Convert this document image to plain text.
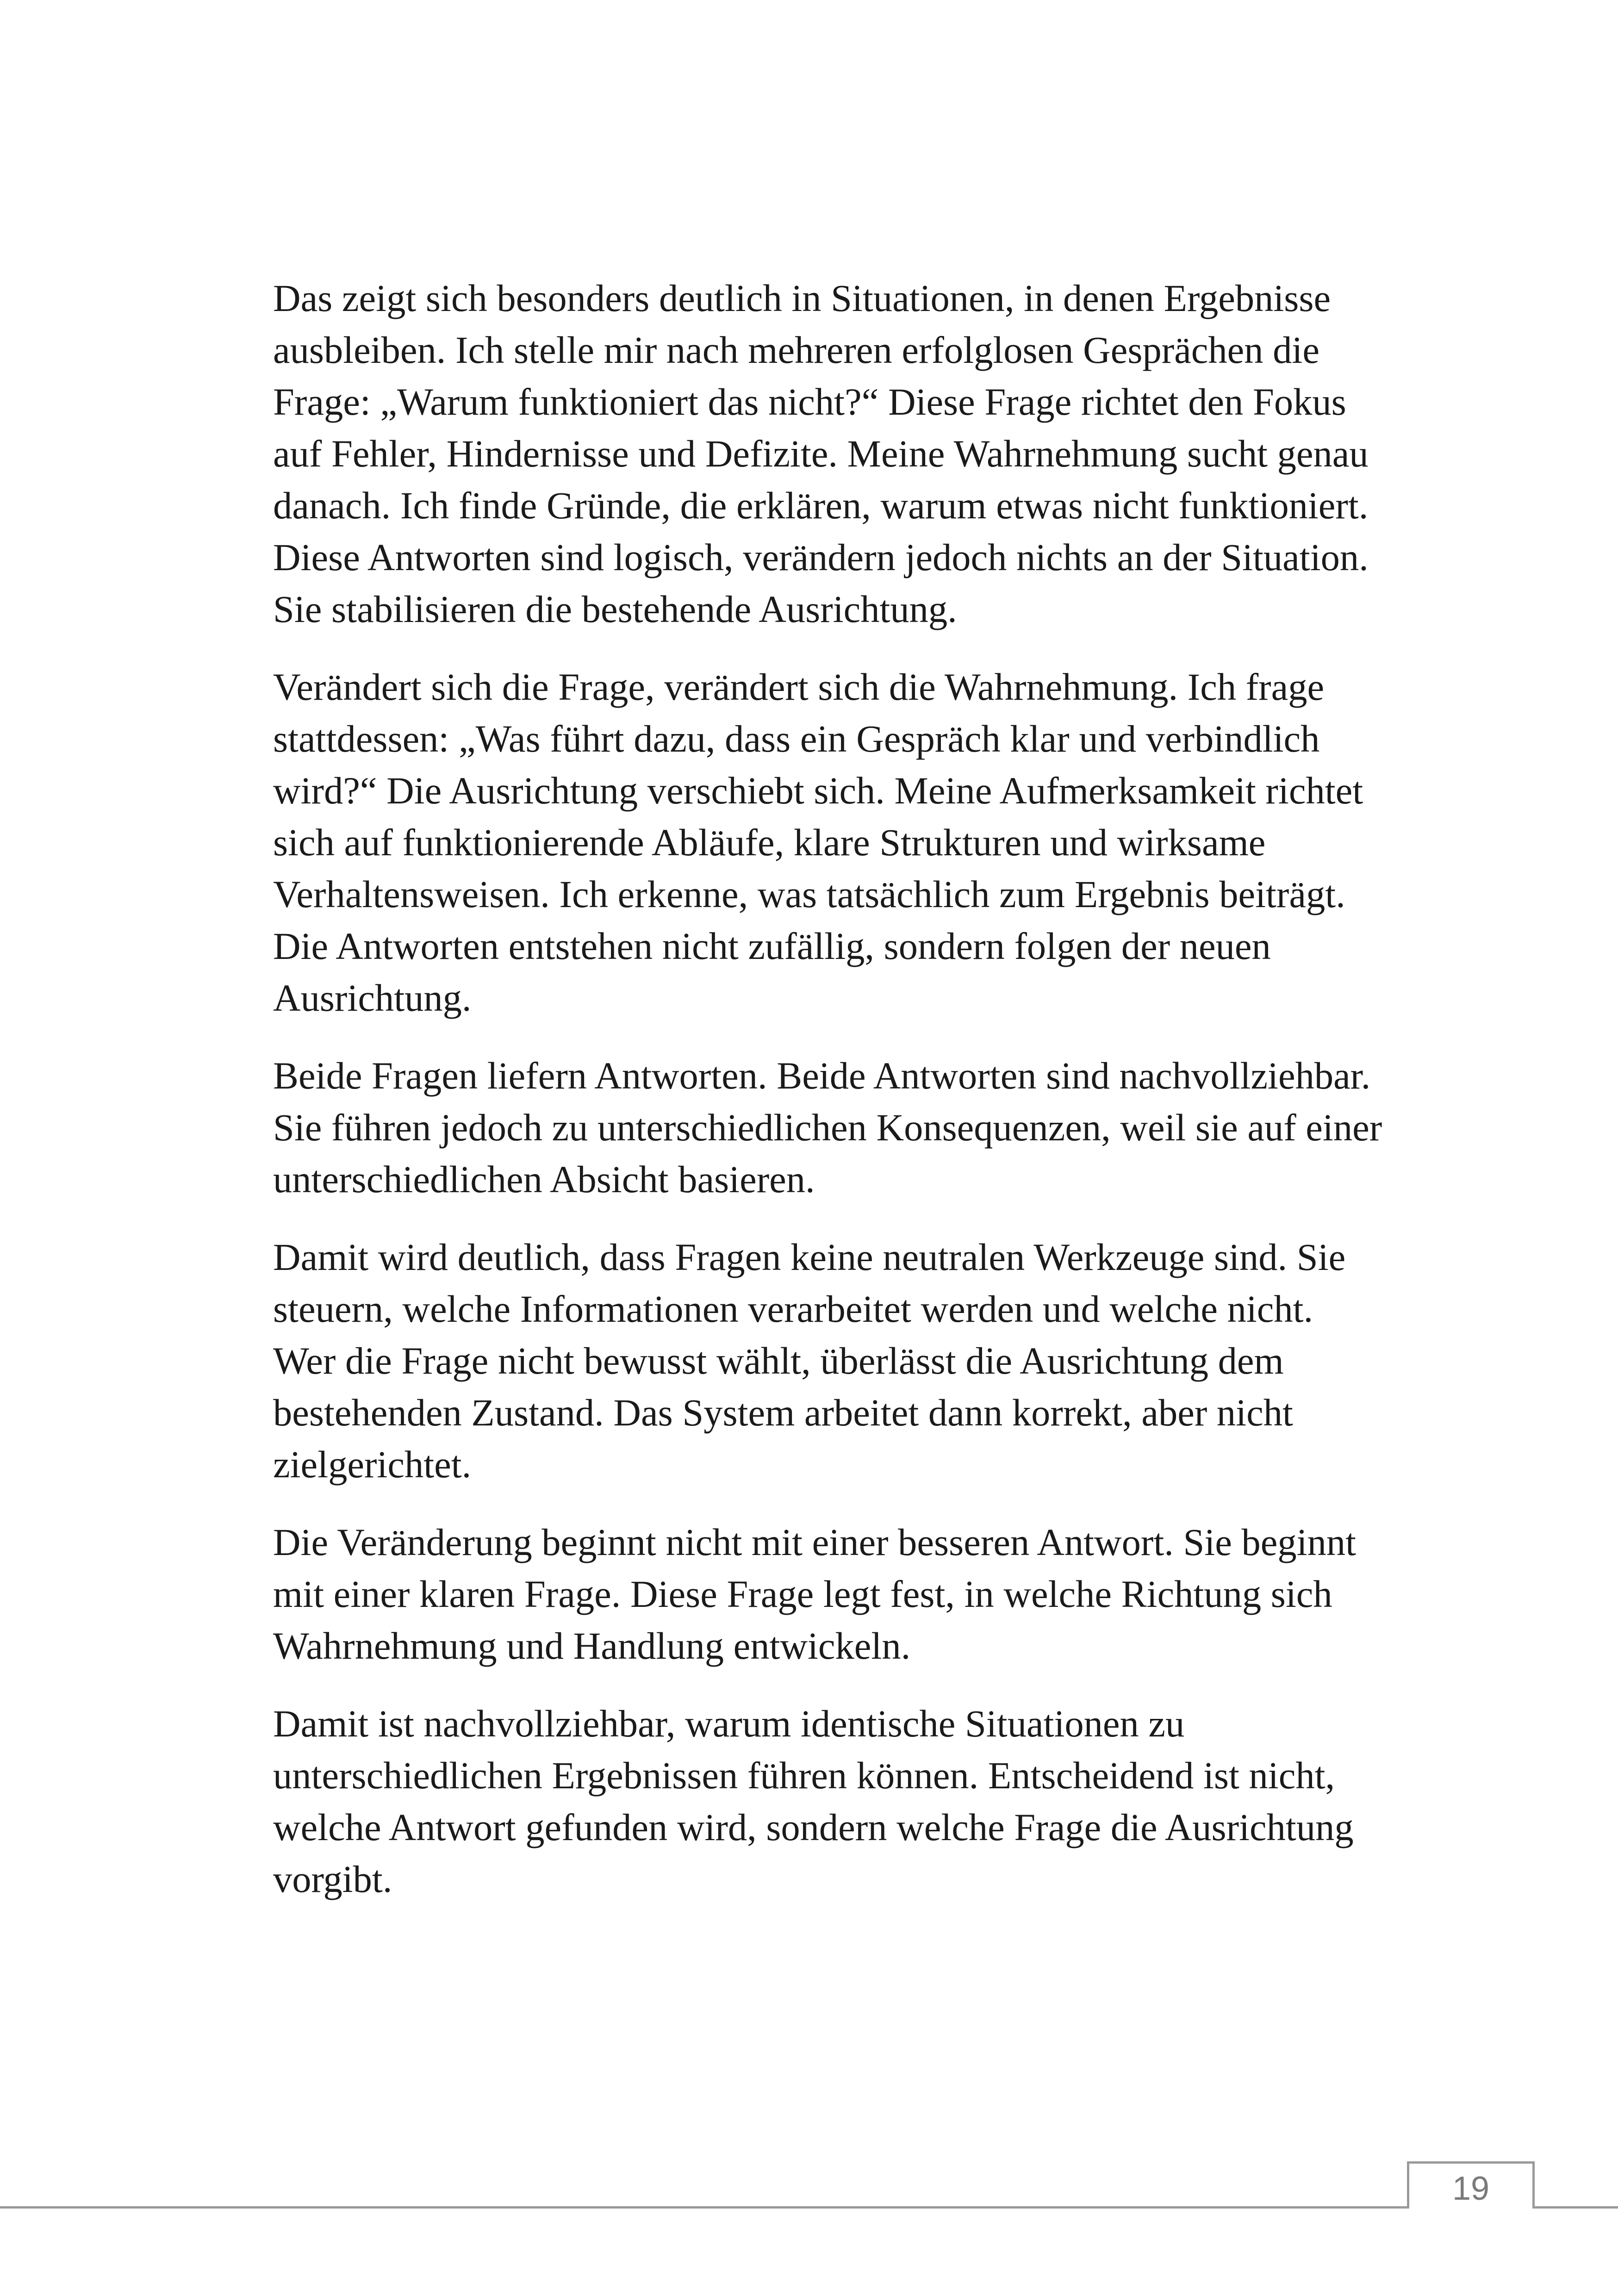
Das zeigt sich besonders deutlich in Situationen, in denen Ergebnisse ausbleiben. Ich stelle mir nach mehreren erfolglosen Gesprächen die Frage: „Warum funktioniert das nicht?“ Diese Frage richtet den Fokus auf Fehler, Hindernisse und Defizite. Meine Wahrnehmung sucht genau danach. Ich finde Gründe, die erklären, warum etwas nicht funktioniert. Diese Antworten sind logisch, verändern jedoch nichts an der Situation. Sie stabilisieren die bestehende Ausrichtung.

Verändert sich die Frage, verändert sich die Wahrnehmung. Ich frage stattdessen: „Was führt dazu, dass ein Gespräch klar und verbindlich wird?“ Die Ausrichtung verschiebt sich. Meine Aufmerksamkeit richtet sich auf funktionierende Abläufe, klare Strukturen und wirksame Verhaltensweisen. Ich erkenne, was tatsächlich zum Ergebnis beiträgt. Die Antworten entstehen nicht zufällig, sondern folgen der neuen Ausrichtung.

Beide Fragen liefern Antworten. Beide Antworten sind nachvollziehbar. Sie führen jedoch zu unterschiedlichen Konsequenzen, weil sie auf einer unterschiedlichen Absicht basieren.

Damit wird deutlich, dass Fragen keine neutralen Werkzeuge sind. Sie steuern, welche Informationen verarbeitet werden und welche nicht. Wer die Frage nicht bewusst wählt, überlässt die Ausrichtung dem bestehenden Zustand. Das System arbeitet dann korrekt, aber nicht zielgerichtet.

Die Veränderung beginnt nicht mit einer besseren Antwort. Sie beginnt mit einer klaren Frage. Diese Frage legt fest, in welche Richtung sich Wahrnehmung und Handlung entwickeln.

Damit ist nachvollziehbar, warum identische Situationen zu unterschiedlichen Ergebnissen führen können. Entscheidend ist nicht, welche Antwort gefunden wird, sondern welche Frage die Ausrichtung vorgibt.

19
